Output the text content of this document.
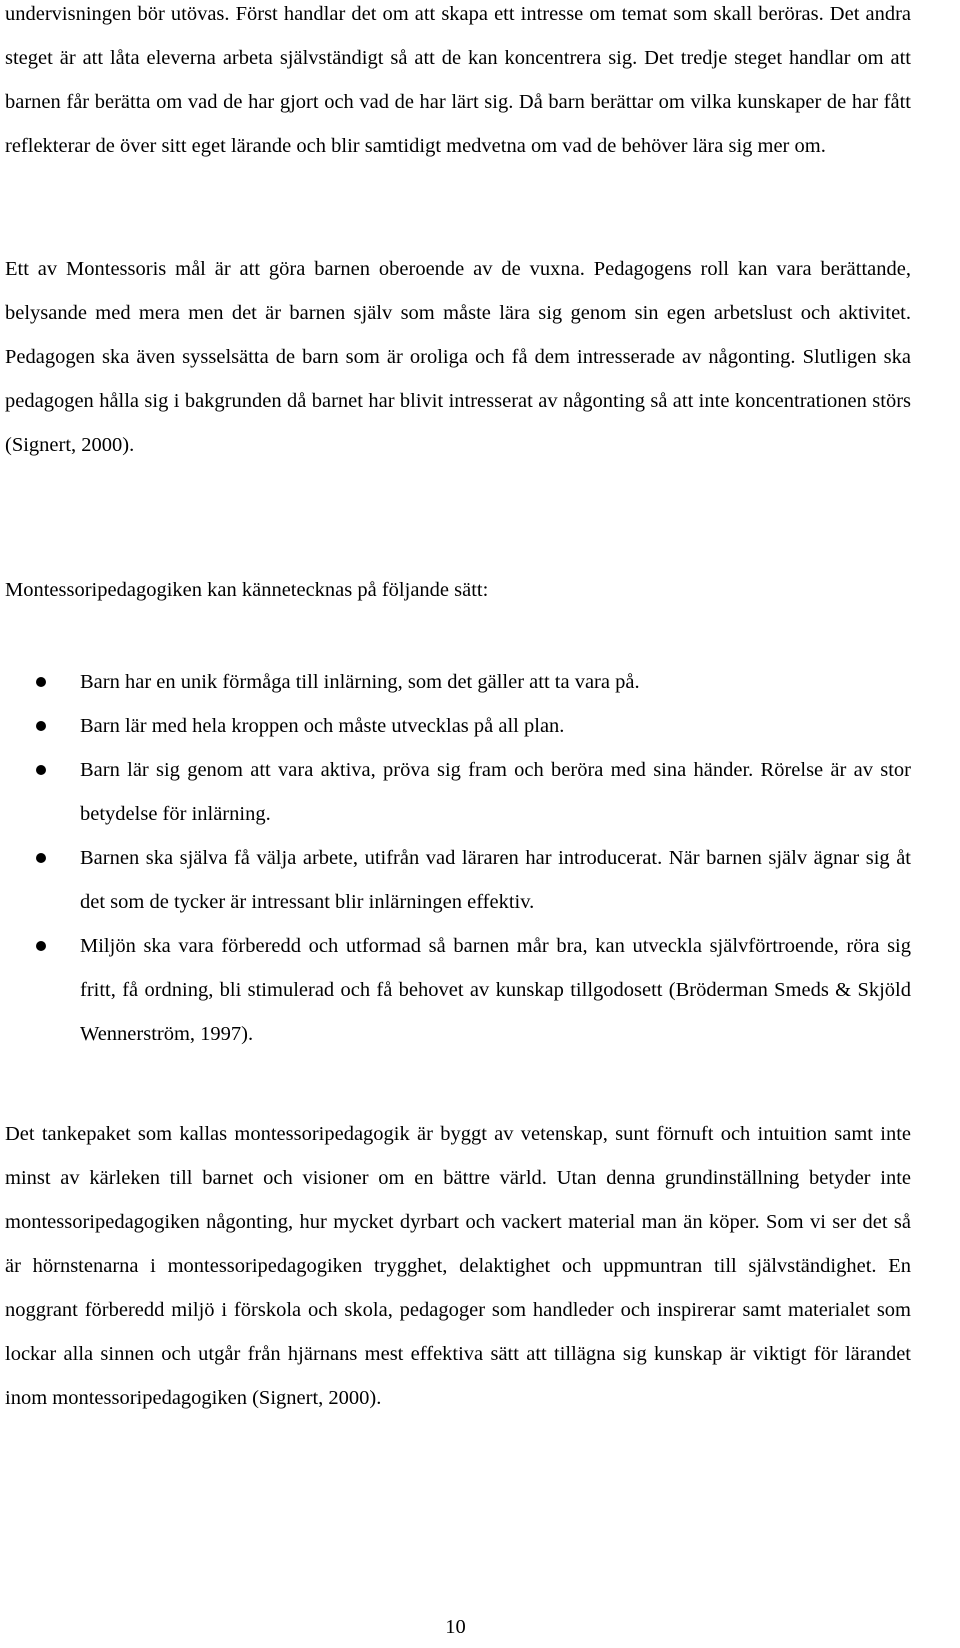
undervisningen bör utövas. Först handlar det om att skapa ett intresse om temat som skall beröras. Det andra steget är att låta eleverna arbeta självständigt så att de kan koncentrera sig. Det tredje steget handlar om att barnen får berätta om vad de har gjort och vad de har lärt sig. Då barn berättar om vilka kunskaper de har fått reflekterar de över sitt eget lärande och blir samtidigt medvetna om vad de behöver lära sig mer om.

Ett av Montessoris mål är att göra barnen oberoende av de vuxna. Pedagogens roll kan vara berättande, belysande med mera men det är barnen själv som måste lära sig genom sin egen arbetslust och aktivitet. Pedagogen ska även sysselsätta de barn som är oroliga och få dem intresserade av någonting. Slutligen ska pedagogen hålla sig i bakgrunden då barnet har blivit intresserat av någonting så att inte koncentrationen störs (Signert, 2000).

Montessoripedagogiken kan kännetecknas på följande sätt:

Barn har en unik förmåga till inlärning, som det gäller att ta vara på.
Barn lär med hela kroppen och måste utvecklas på all plan.
Barn lär sig genom att vara aktiva, pröva sig fram och beröra med sina händer. Rörelse är av stor betydelse för inlärning.
Barnen ska själva få välja arbete, utifrån vad läraren har introducerat. När barnen själv ägnar sig åt det som de tycker är intressant blir inlärningen effektiv.
Miljön ska vara förberedd och utformad så barnen mår bra, kan utveckla självförtroende, röra sig fritt, få ordning, bli stimulerad och få behovet av kunskap tillgodosett (Bröderman Smeds & Skjöld Wennerström, 1997).

Det tankepaket som kallas montessoripedagogik är byggt av vetenskap, sunt förnuft och intuition samt inte minst av kärleken till barnet och visioner om en bättre värld. Utan denna grundinställning betyder inte montessoripedagogiken någonting, hur mycket dyrbart och vackert material man än köper. Som vi ser det så är hörnstenarna i montessoripedagogiken trygghet, delaktighet och uppmuntran till självständighet. En noggrant förberedd miljö i förskola och skola, pedagoger som handleder och inspirerar samt materialet som lockar alla sinnen och utgår från hjärnans mest effektiva sätt att tillägna sig kunskap är viktigt för lärandet inom montessoripedagogiken (Signert, 2000).

10
